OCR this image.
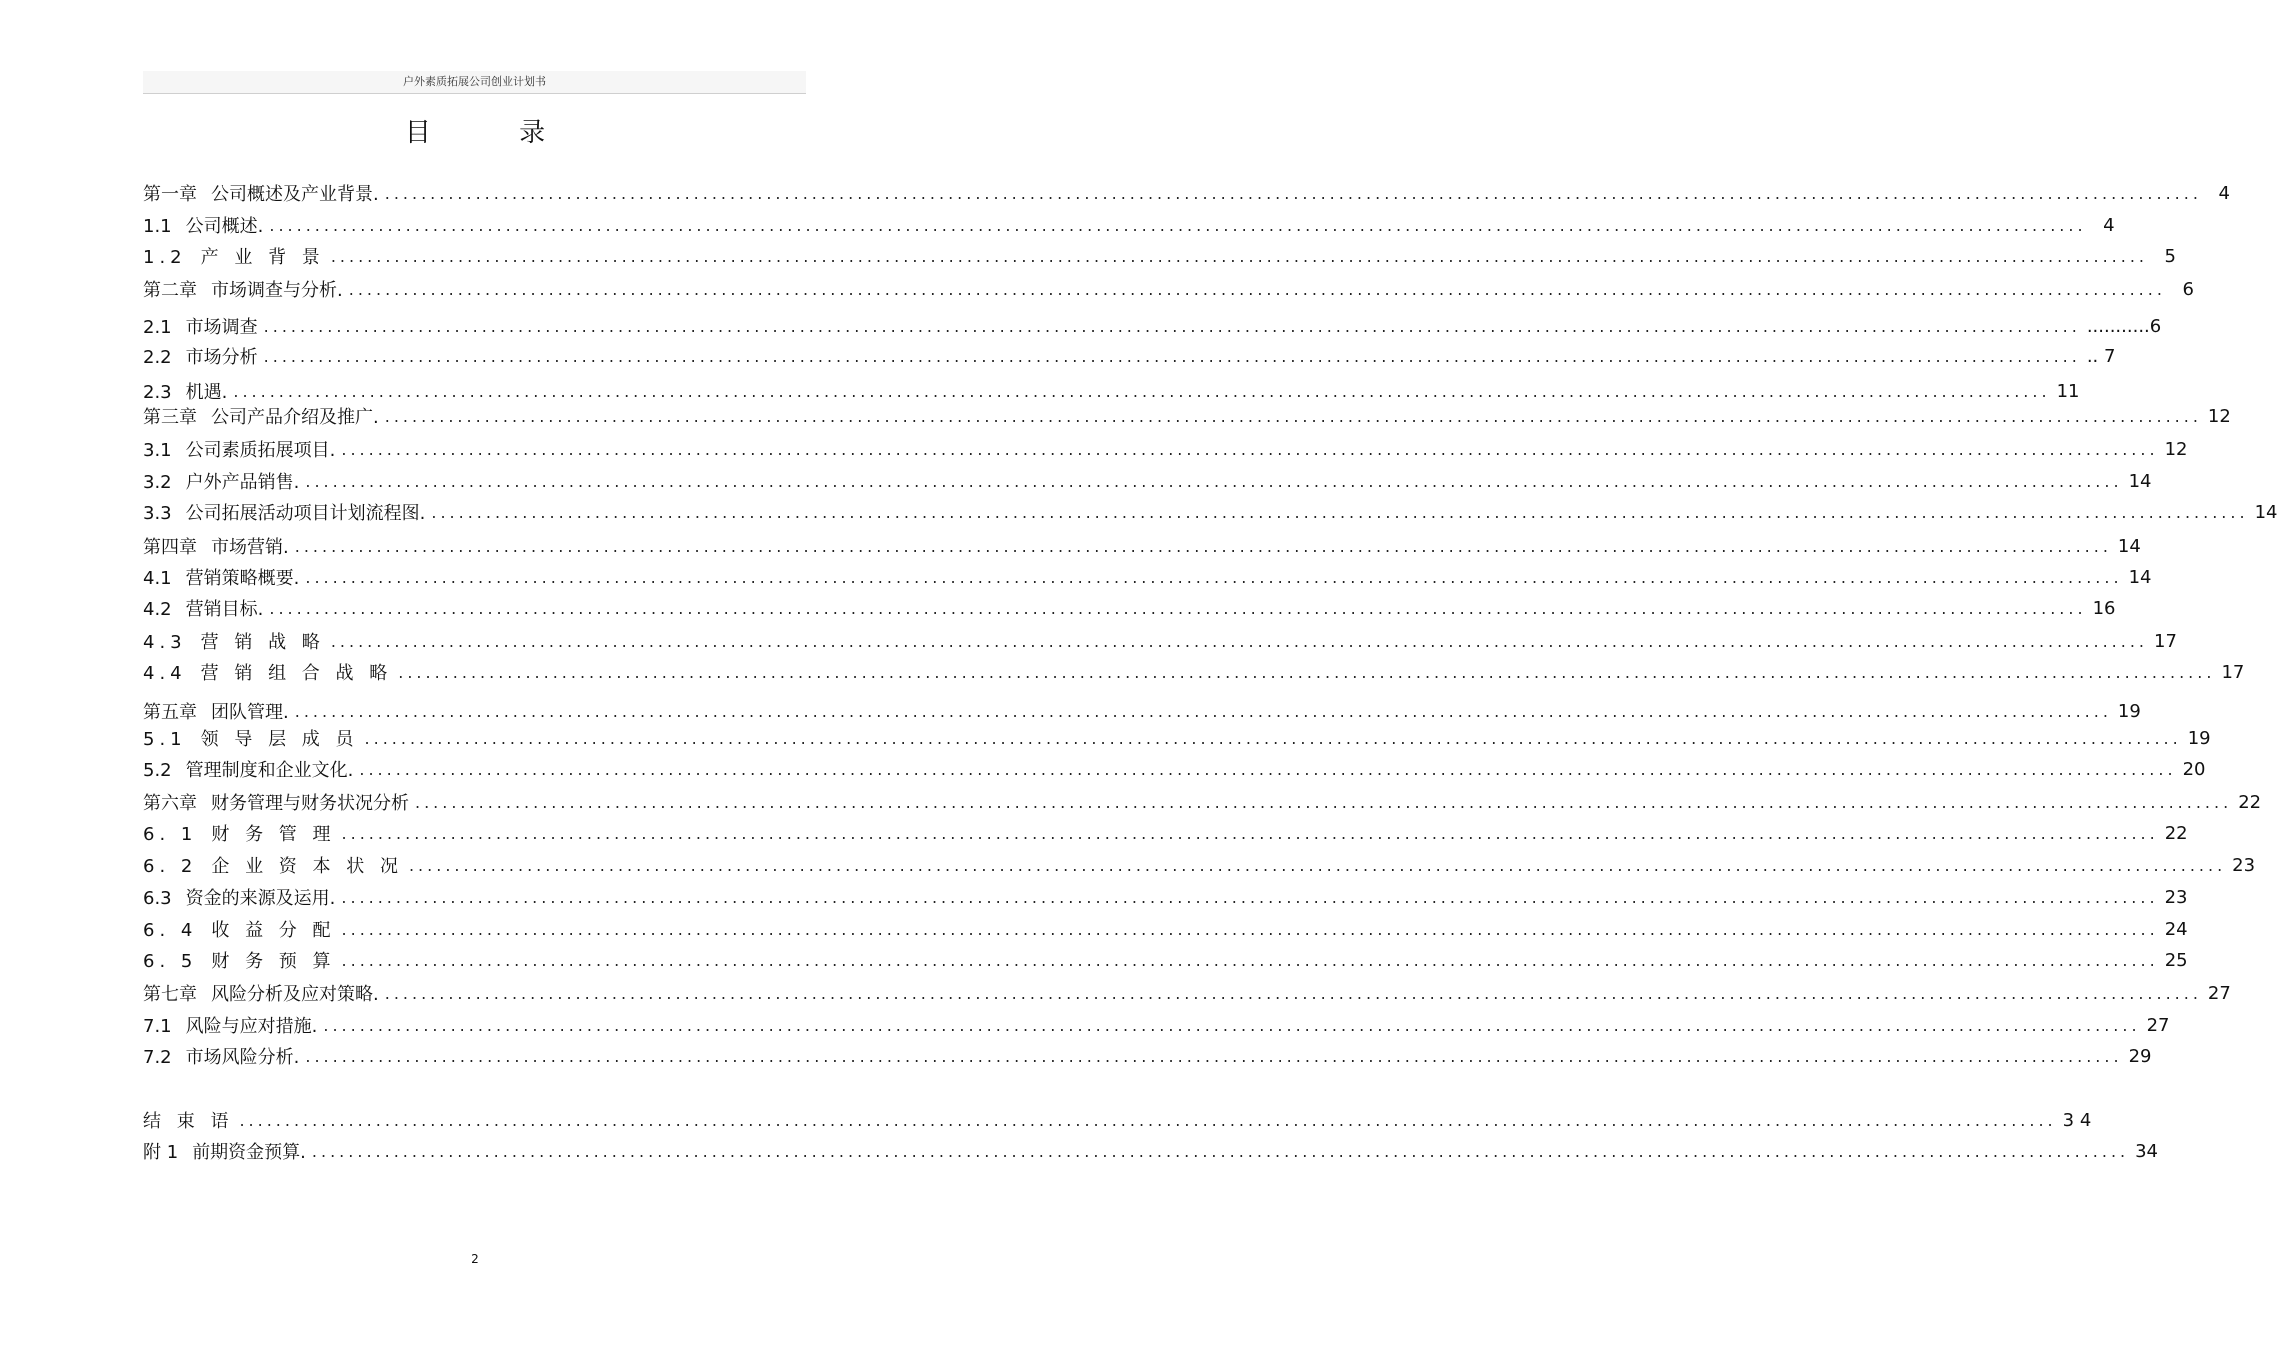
户外素质拓展公司创业计划书
目 录
第一章 公司概述及产业背景. ........................................................................................................................................................................................................ 4
1.1 公司概述. ........................................................................................................................................................................................................ 4
1.2 产 业 背 景 ........................................................................................................................................................................................................ 5
第二章 市场调查与分析. ........................................................................................................................................................................................................ 6
2.1 市场调查 ........................................................................................................................................................................................................ ...........6
2.2 市场分析 ........................................................................................................................................................................................................ .. 7
2.3 机遇. ........................................................................................................................................................................................................ 11
第三章 公司产品介绍及推广. ........................................................................................................................................................................................................ 12
3.1 公司素质拓展项目. ........................................................................................................................................................................................................ 12
3.2 户外产品销售. ........................................................................................................................................................................................................ 14
3.3 公司拓展活动项目计划流程图. ........................................................................................................................................................................................................ 14
第四章 市场营销. ........................................................................................................................................................................................................ 14
4.1 营销策略概要. ........................................................................................................................................................................................................ 14
4.2 营销目标. ........................................................................................................................................................................................................ 16
4.3 营 销 战 略 ........................................................................................................................................................................................................ 17
4.4 营 销 组 合 战 略 ........................................................................................................................................................................................................ 17
第五章 团队管理. ........................................................................................................................................................................................................ 19
5.1 领 导 层 成 员 ........................................................................................................................................................................................................ 19
5.2 管理制度和企业文化. ........................................................................................................................................................................................................ 20
第六章 财务管理与财务状况分析 ........................................................................................................................................................................................................ 22
6. 1 财 务 管 理 ........................................................................................................................................................................................................ 22
6. 2 企 业 资 本 状 况 ........................................................................................................................................................................................................ 23
6.3 资金的来源及运用. ........................................................................................................................................................................................................ 23
6. 4 收 益 分 配 ........................................................................................................................................................................................................ 24
6. 5 财 务 预 算 ........................................................................................................................................................................................................ 25
第七章 风险分析及应对策略. ........................................................................................................................................................................................................ 27
7.1 风险与应对措施. ........................................................................................................................................................................................................ 27
7.2 市场风险分析. ........................................................................................................................................................................................................ 29
结 束 语 ........................................................................................................................................................................................................ 3 4
附 1 前期资金预算. ........................................................................................................................................................................................................ 34
2
